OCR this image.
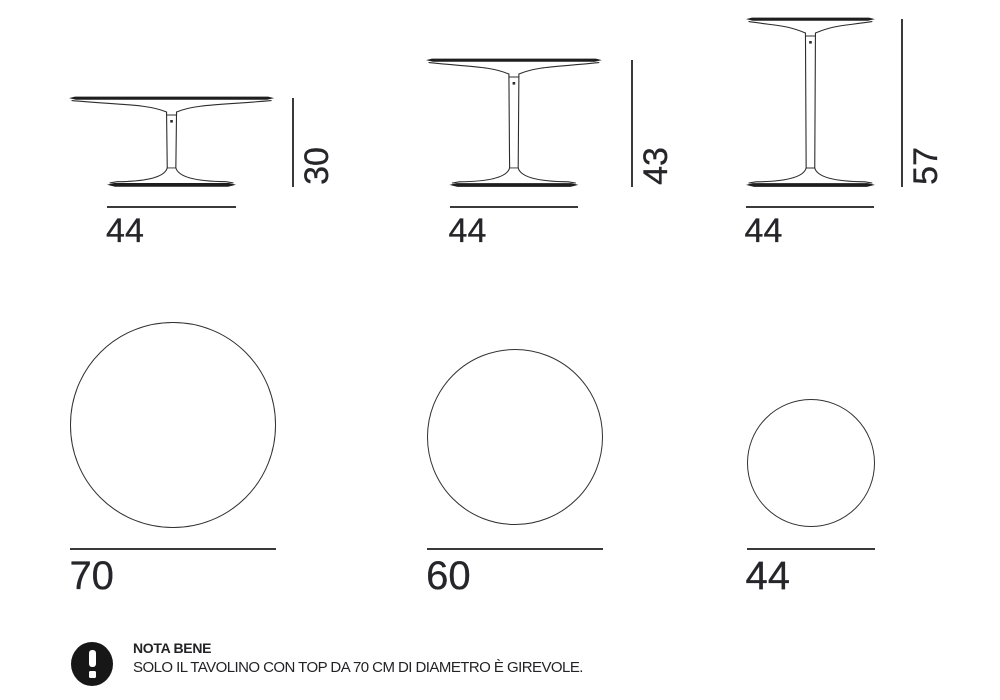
30
44
43
44
57
44
70	60	44
NOTA BENE
SOLO IL TAVOLINO CON TOP DA 70 CM DI DIAMETRO È GIREVOLE.
